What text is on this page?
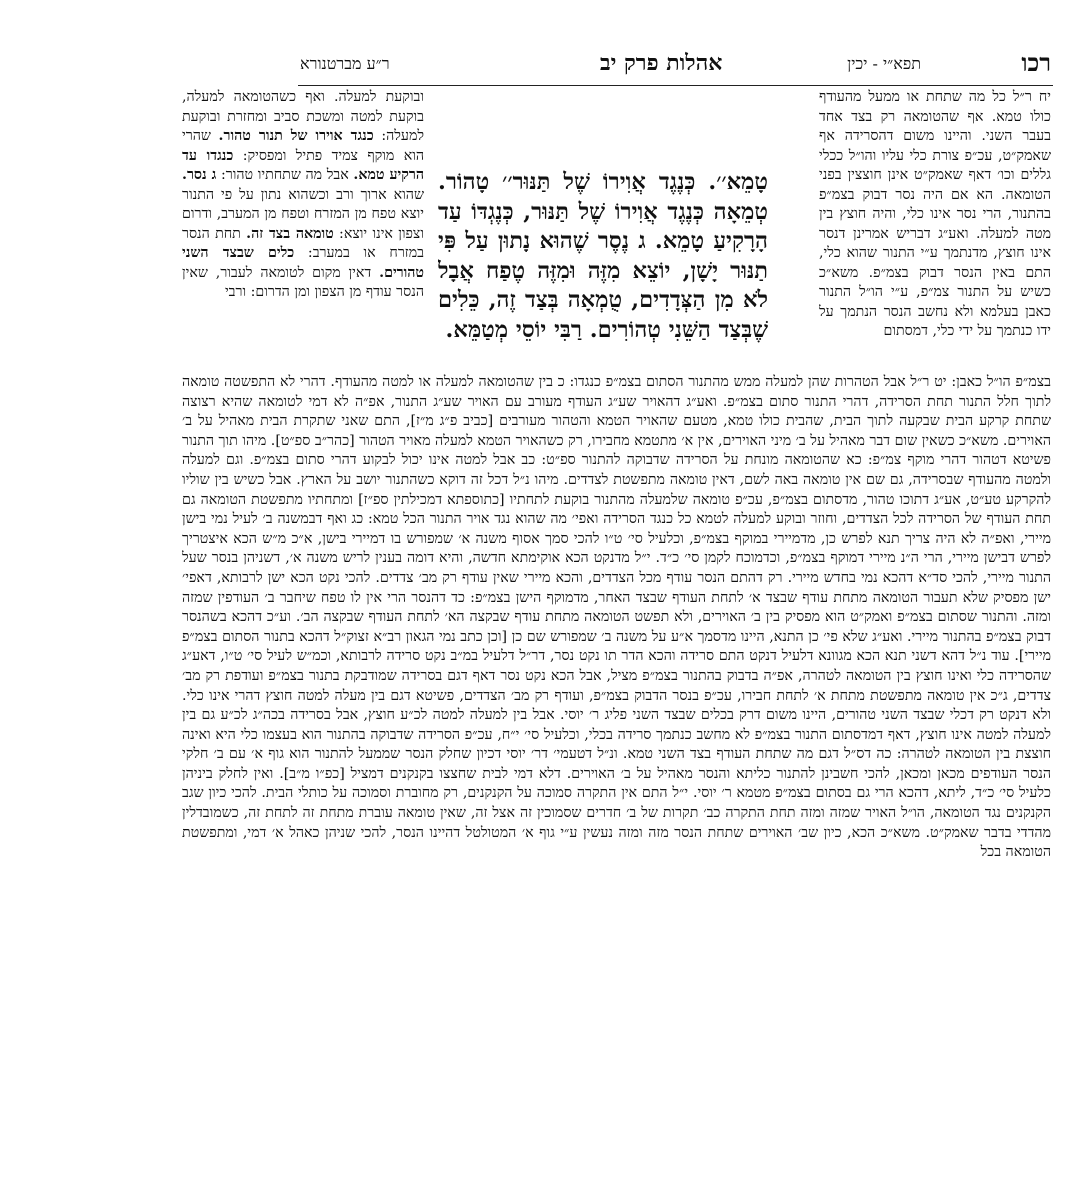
רכו
תפא״י - יכין
אהלות פרק יב
ר״ע מברטנורא

יח ר״ל כל מה שתחת או ממעל מהעודף כולו טמא. אף שהטומאה רק בצד אחד בעבר השני. והיינו משום דהסרידה אף שאמק״ט, עכ״פ צורת כלי עליו והו״ל ככלי גללים וכו׳ דאף שאמק״ט אינן חוצצין בפני הטומאה. הא אם היה נסר דבוק בצמ״פ בהתנור, הרי נסר אינו כלי, והיה חוצץ בין מטה למעלה. ואע״ג דבריש אמרינן דנסר אינו חוצץ, מדנתמך ע״י התנור שהוא כלי, התם באין הנסר דבוק בצמ״פ. משא״כ כשיש על התנור צמ״פ, ע״י הו״ל התנור כאבן בעלמא ולא נחשב הנסר הנתמך על ידו כנתמך על ידי כלי, דמסתום

ובוקעת למעלה. ואף כשהטומאה למעלה, בוקעת למטה ומשכת סביב ומחזרת ובוקעת למעלה: כנגד אוירו של תנור טהור. שהרי הוא מוקף צמיד פתיל ומפסיק: כנגדו עד הרקיע טמא. אבל מה שתחתיו טהור: ג נסר. שהוא ארוך ורב וכשהוא נתון על פי התנור יוצא טפח מן המזרח וטפח מן המערב, ודרום וצפון אינו יוצא: טומאה בצד זה. תחת הנסר במזרח או במערב: כלים שבצד השני טהורים. דאין מקום לטומאה לעבור, שאין הנסר עודף מן הצפון ומן הדרום: ורבי

טָמֵא׳׳. כְּנֶגֶד אֲוִירוֹ שֶׁל תַּנּוּר׳׳ טָהוֹר. טְמֵאָה כְּנֶגֶד אֲוִירוֹ שֶׁל תַּנּוּר, כְּנֶגְדּוֹ עַד הָרָקִיעַ טָמֵא. ג נֶסֶר שֶׁהוּא נָתוּן עַל פִּי תַנּוּר יָשָׁן, יוֹצֵא מִזֶּה וּמִזֶּה טֶפַח אֲבָל לֹא מִן הַצְּדָדִים, טֻמְאָה בְּצַד זֶה, כֵּלִים שֶׁבְּצַד הַשֵּׁנִי טְהוֹרִים. רַבִּי יוֹסֵי מְטַמֵּא.

בצמ״פ הו״ל כאבן: יט ר״ל אבל הטהרות שהן למעלה ממש מהתנור הסתום בצמ״פ כנגדו: כ בין שהטומאה למעלה או למטה מהעודף. דהרי לא התפשטה טומאה לתוך חלל התנור תחת הסרידה, דהרי התנור סתום בצמ״פ. ואע״ג דהאויר שע״ג העודף מעורב עם האויר שע״ג התנור, אפ״ה לא דמי לטומאה שהיא רצוצה שתחת קרקע הבית שבקעה לתוך הבית, שהבית כולו טמא, מטעם שהאויר הטמא והטהור מעורבים [כביב פ״ג מ״ז], התם שאני שתקרת הבית מאהיל על ב׳ האוירים. משא״כ כשאין שום דבר מאהיל על ב׳ מיני האוירים, אין א׳ מתטמא מחבירו, רק כשהאויר הטמא למעלה מאויר הטהור [כהר״ב ספ״ט]. מיהו תוך התנור פשיטא דטהור דהרי מוקף צמ״פ: כא שהטומאה מונחת על הסרידה שדבוקה להתנור ספ״ט: כב אבל למטה אינו יכול לבקוע דהרי סתום בצמ״פ. וגם למעלה ולמטה מהעודף שבסרידה, גם שם אין טומאה באה לשם, דאין טומאה מתפשטת לצדדים. מיהו נ״ל דכל זה דוקא כשהתנור יושב על הארץ. אבל כשיש בין שוליו להקרקע טע״ט, אע״ג דתוכו טהור, מדסתום בצמ״פ, עכ״פ טומאה שלמעלה מהתנור בוקעת לתחתיו [כתוספתא דמכילתין ספ״ז] ומתחתיו מתפשטת הטומאה גם תחת העודף של הסרידה לכל הצדדים, וחוזר ובוקע למעלה לטמא כל כנגד הסרידה ואפי׳ מה שהוא נגד אויר התנור הכל טמא: כג ואף דבמשנה ב׳ לעיל נמי בישן מיירי, ואפ״ה לא היה צריך תנא לפרש כן, מדמיירי במוקף בצמ״פ, וכלעיל סי׳ ט״ו להכי סמך אסוף משנה א׳ שמפורש בו דמיירי בישן, א״כ מ״ש הכא איצטריך לפרש דבישן מיירי, הרי ה״נ מיירי דמוקף בצמ״פ, וכדמוכח לקמן סי׳ כ״ד. י״ל מדנקט הכא אוקימתא חדשה, והיא דומה בענין לריש משנה א׳, דשניהן בנסר שעל התנור מיירי, להכי סד״א דהכא נמי בחדש מיירי. רק דהתם הנסר עודף מכל הצדדים, והכא מיירי שאין עודף רק מב׳ צדדים. להכי נקט הכא ישן לרבותא, דאפי׳ ישן מפסיק שלא תעבור הטומאה מתחת עודף שבצד א׳ לתחת העודף שבצד האחר, מדמוקף הישן בצמ״פ: כד דהנסר הרי אין לו טפח שיחבר ב׳ העודפין שמזה ומזה. והתנור שסתום בצמ״פ ואמק״ט הוא מפסיק בין ב׳ האוירים, ולא תפשט הטומאה מתחת עודף שבקצה הא׳ לתחת העודף שבקצה הב׳. וע״כ דהכא בשהנסר דבוק בצמ״פ בהתנור מיירי. ואע״ג שלא פי׳ כן התנא, היינו מדסמך א״ע על משנה ב׳ שמפורש שם כן [וכן כתב נמי הגאון רב״א זצוק״ל דהכא בתנור הסתום בצמ״פ מיירי]. עוד נ״ל דהא דשני תנא הכא מגוונא דלעיל דנקט התם סרידה והכא הדר תו נקט נסר, דר״ל דלעיל במ״ב נקט סרידה לרבותא, וכמ״ש לעיל סי׳ ט״ו, דאע״ג שהסרידה כלי ואינו חוצץ בין הטומאה לטהרה, אפ״ה בדבוק בהתנור בצמ״פ מציל, אבל הכא נקט נסר דאף דגם בסרידה שמודבקת בתנור בצמ״פ ועודפת רק מב׳ צדדים, ג״כ אין טומאה מתפשטת מתחת א׳ לתחת חבירו, עכ״פ בנסר הדבוק בצמ״פ, ועודף רק מב׳ הצדדים, פשיטא דגם בין מעלה למטה חוצץ דהרי אינו כלי. ולא דנקט רק דכלי שבצד השני טהורים, היינו משום דרק בכלים שבצד השני פליג ר׳ יוסי. אבל בין למעלה למטה לכ״ע חוצץ, אבל בסרידה בכה״ג לכ״ע גם בין למעלה למטה אינו חוצץ, דאף דמדסתום התנור בצמ״פ לא מחשב כנתמך סרידה בכלי, וכלעיל סי׳ י״ח, עכ״פ הסרידה שדבוקה בהתנור הוא בעצמו כלי היא ואינה חוצצת בין הטומאה לטהרה: כה דס״ל דגם מה שתחת העודף בצד השני טמא. ונ״ל דטעמי׳ דר׳ יוסי דכיון שחלק הנסר שממעל להתנור הוא גוף א׳ עם ב׳ חלקי הנסר העודפים מכאן ומכאן, להכי חשבינן להתנור כליתא והנסר מאהיל על ב׳ האוירים. דלא דמי לבית שחצצו בקנקנים דמציל [כפ״ו מ״ב]. ואין לחלק ביניהן כלעיל סי׳ כ״ד, ליתא, דהכא הרי גם בסתום בצמ״פ מטמא ר׳ יוסי. י״ל התם אין התקרה סמוכה על הקנקנים, רק מחוברת וסמוכה על כותלי הבית. להכי כיון שגב הקנקנים נגד הטומאה, הו״ל האויר שמזה ומזה תחת התקרה כב׳ תקרות של ב׳ חדרים שסמוכין זה אצל זה, שאין טומאה עוברת מתחת זה לתחת זה, כשמובדלין מהדדי בדבר שאמק״ט. משא״כ הכא, כיון שב׳ האוירים שתחת הנסר מזה ומזה נעשין ע״י גוף א׳ המטולטל דהיינו הנסר, להכי שניהן כאהל א׳ דמי, ומתפשטת הטומאה בכל
